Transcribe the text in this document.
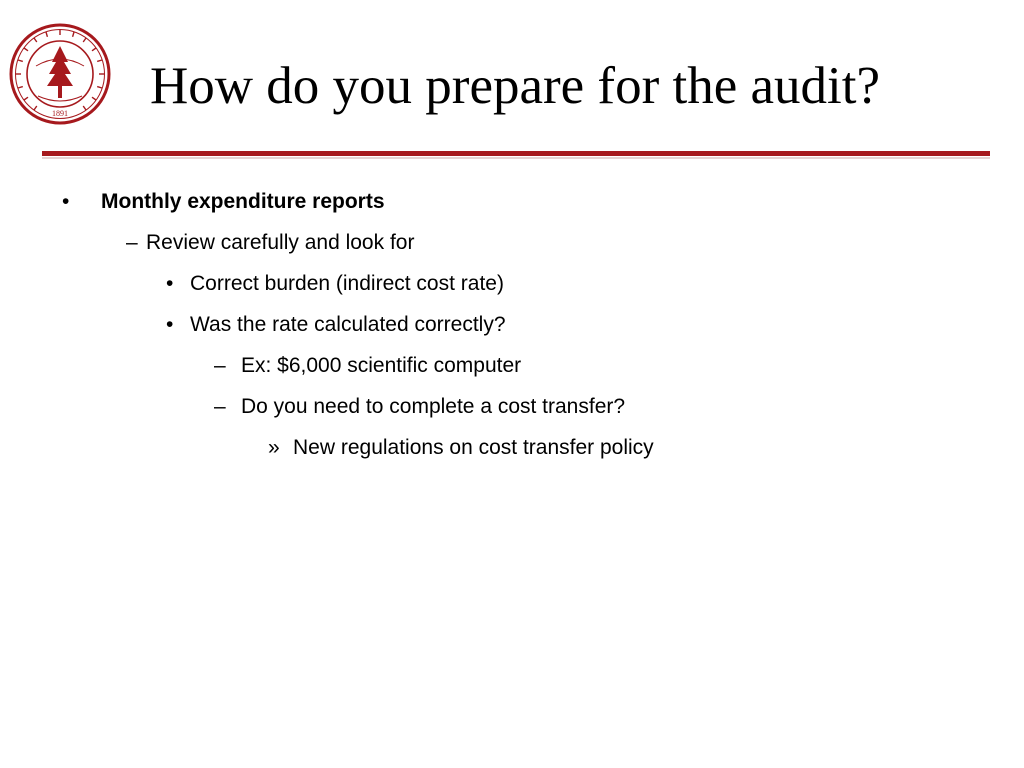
1891 How do you prepare for the audit?
• Monthly expenditure reports
– Review carefully and look for
• Correct burden (indirect cost rate)
• Was the rate calculated correctly?
– Ex: $6,000 scientific computer
– Do you need to complete a cost transfer?
» New regulations on cost transfer policy
